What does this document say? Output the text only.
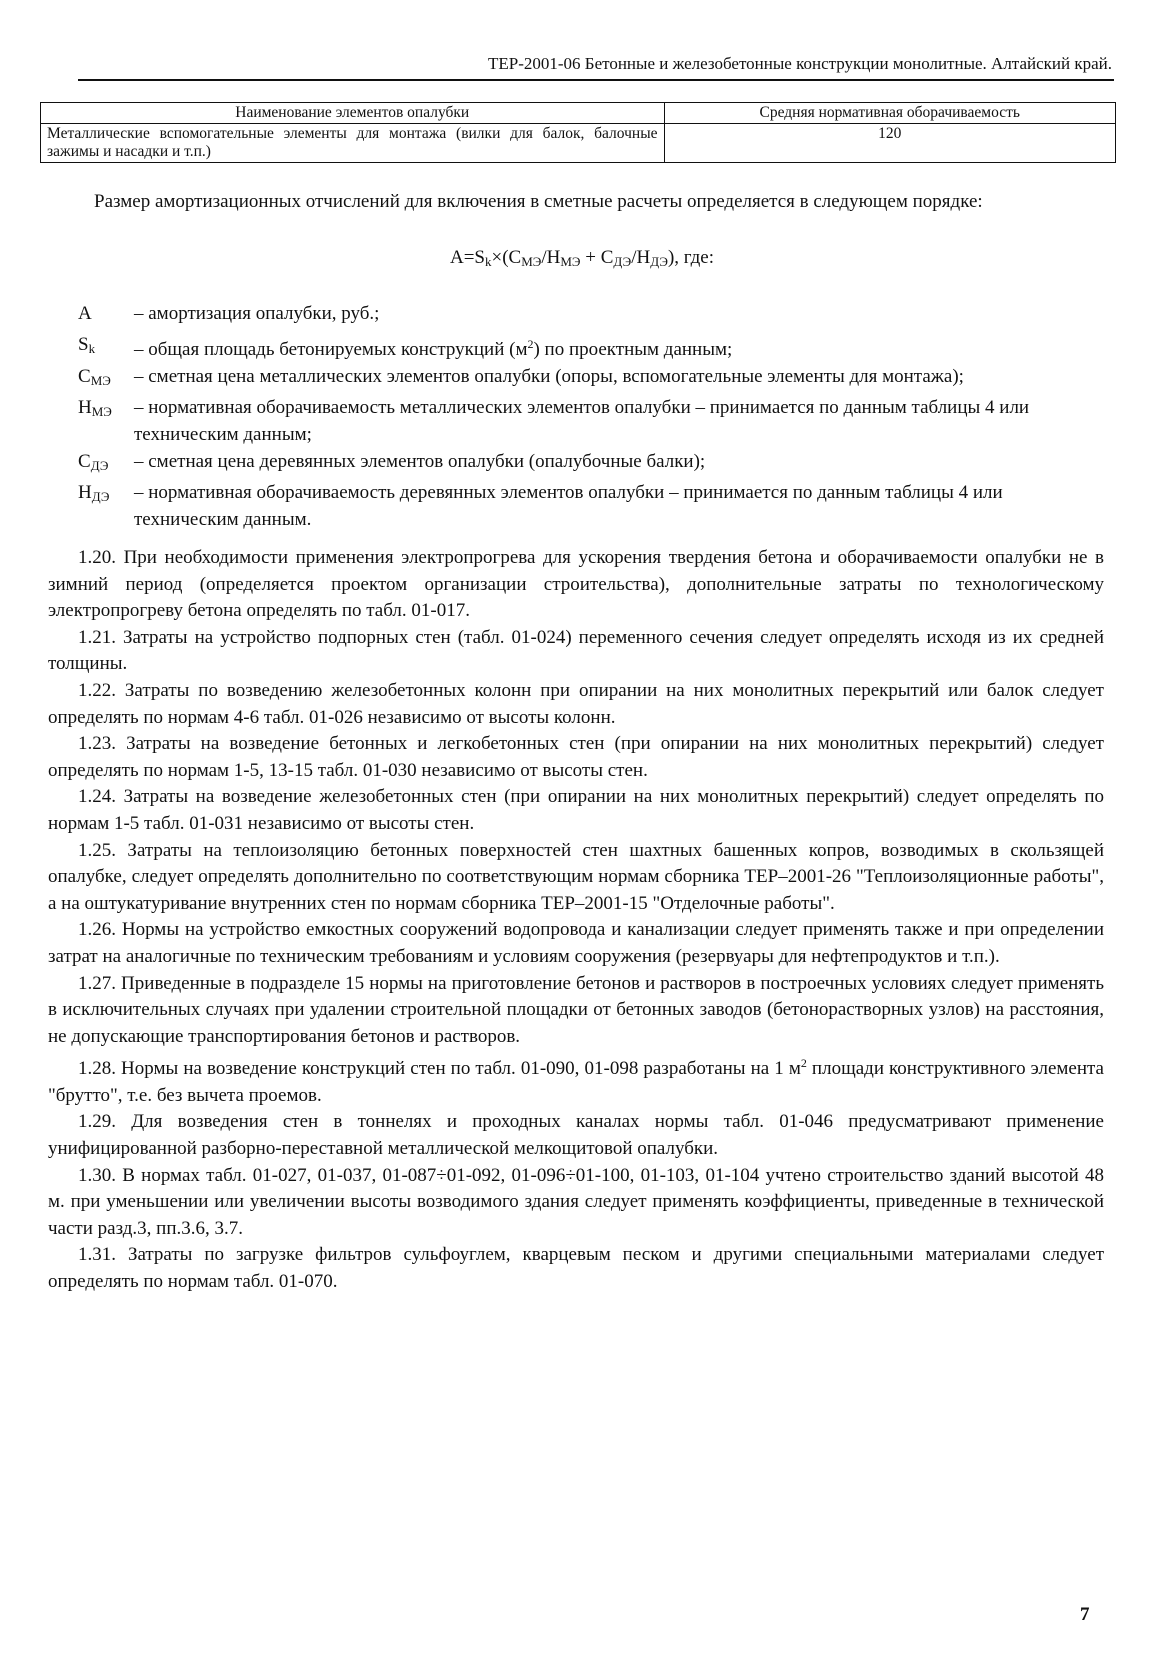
ТЕР-2001-06 Бетонные и железобетонные конструкции монолитные. Алтайский край.
Наименование элементов опалубки	Средняя нормативная оборачиваемость
Металлические вспомогательные элементы для монтажа (вилки для балок, балочные зажимы и насадки и т.п.)	120
Размер амортизационных отчислений для включения в сметные расчеты определяется в следующем порядке:
$A=S_k\times(С_{МЭ}/Н_{МЭ} + С_{ДЭ}/Н_{ДЭ})$, где:
А	– амортизация опалубки, руб.;
$S_k$	– общая площадь бетонируемых конструкций $(м^2)$ по проектным данным;
$С_{МЭ}$	– сметная цена металлических элементов опалубки (опоры, вспомогательные элементы для монтажа);
$Н_{МЭ}$	– нормативная оборачиваемость металлических элементов опалубки – принимается по данным таблицы 4 или техническим данным;
$С_{ДЭ}$	– сметная цена деревянных элементов опалубки (опалубочные балки);
$Н_{ДЭ}$	– нормативная оборачиваемость деревянных элементов опалубки – принимается по данным таблицы 4 или техническим данным.

1.20. При необходимости применения электропрогрева для ускорения твердения бетона и оборачиваемости опалубки не в зимний период (определяется проектом организации строительства), дополнительные затраты по технологическому электропрогреву бетона определять по табл. 01-017.

1.21. Затраты на устройство подпорных стен (табл. 01-024) переменного сечения следует определять исходя из их средней толщины.

1.22. Затраты по возведению железобетонных колонн при опирании на них монолитных перекрытий или балок следует определять по нормам 4-6 табл. 01-026 независимо от высоты колонн.

1.23. Затраты на возведение бетонных и легкобетонных стен (при опирании на них монолитных перекрытий) следует определять по нормам 1-5, 13-15 табл. 01-030 независимо от высоты стен.

1.24. Затраты на возведение железобетонных стен (при опирании на них монолитных перекрытий) следует определять по нормам 1-5 табл. 01-031 независимо от высоты стен.

1.25. Затраты на теплоизоляцию бетонных поверхностей стен шахтных башенных копров, возводимых в скользящей опалубке, следует определять дополнительно по соответствующим нормам сборника ТЕР–2001-26 "Теплоизоляционные работы", а на оштукатуривание внутренних стен по нормам сборника ТЕР–2001-15 "Отделочные работы".

1.26. Нормы на устройство емкостных сооружений водопровода и канализации следует применять также и при определении затрат на аналогичные по техническим требованиям и условиям сооружения (резервуары для нефтепродуктов и т.п.).

1.27. Приведенные в подразделе 15 нормы на приготовление бетонов и растворов в построечных условиях следует применять в исключительных случаях при удалении строительной площадки от бетонных заводов (бетонорастворных узлов) на расстояния, не допускающие транспортирования бетонов и растворов.

1.28. Нормы на возведение конструкций стен по табл. 01-090, 01-098 разработаны на 1 $м^2$ площади конструктивного элемента "брутто", т.е. без вычета проемов.

1.29. Для возведения стен в тоннелях и проходных каналах нормы табл. 01-046 предусматривают применение унифицированной разборно-переставной металлической мелкощитовой опалубки.

1.30. В нормах табл. 01-027, 01-037, 01-087÷01-092, 01-096÷01-100, 01-103, 01-104 учтено строительство зданий высотой 48 м. при уменьшении или увеличении высоты возводимого здания следует применять коэффициенты, приведенные в технической части разд.3, пп.3.6, 3.7.

1.31. Затраты по загрузке фильтров сульфоуглем, кварцевым песком и другими специальными материалами следует определять по нормам табл. 01-070.

7
